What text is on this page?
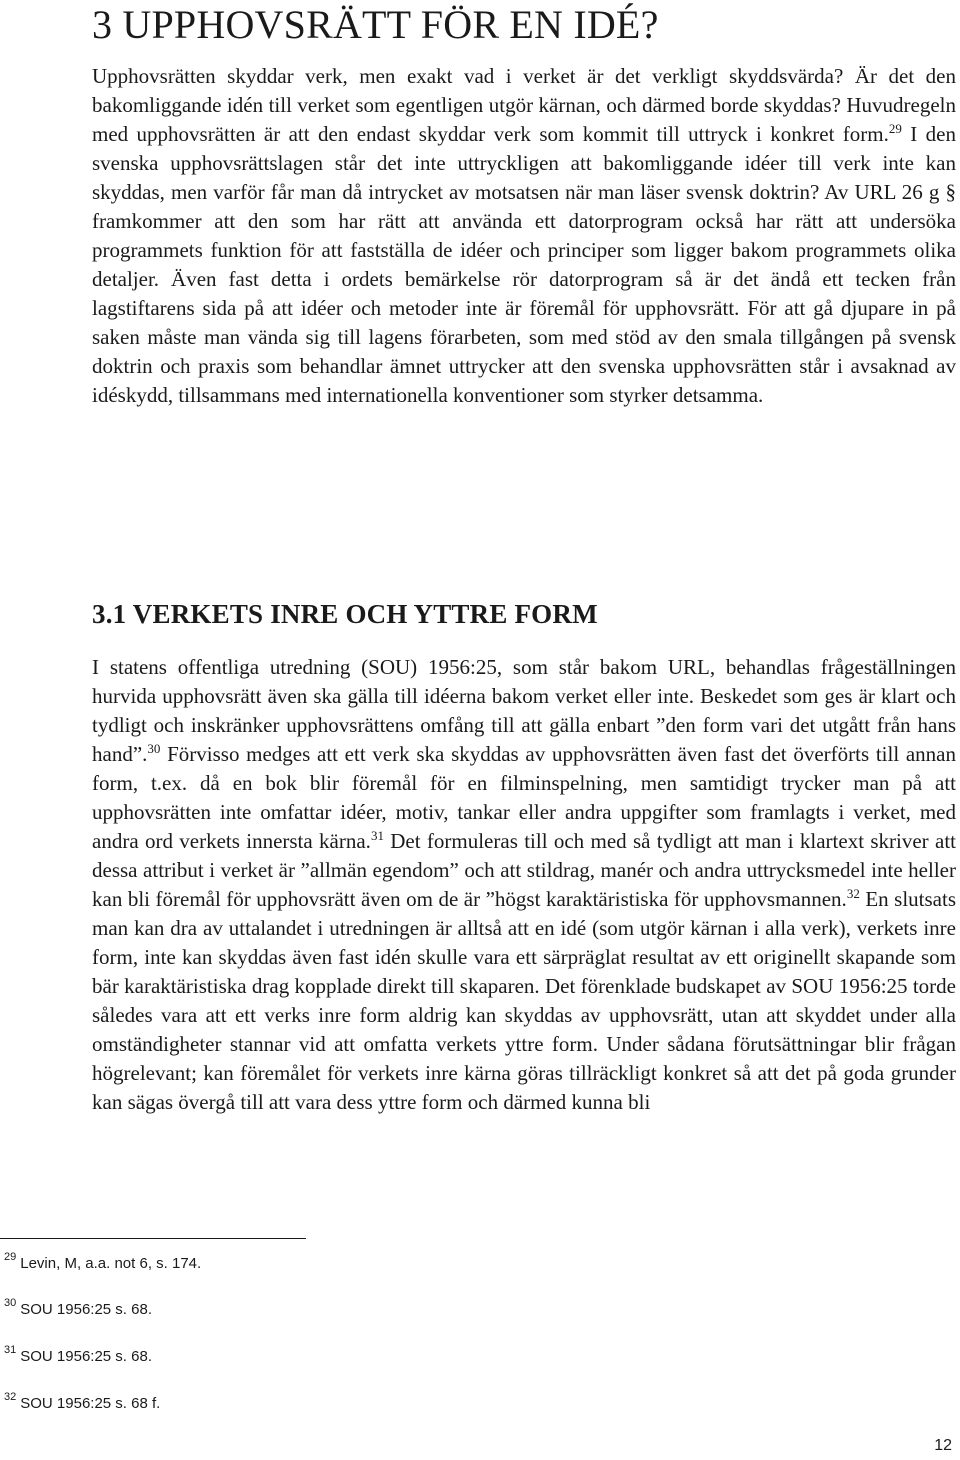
3 UPPHOVSRÄTT FÖR EN IDÉ?

Upphovsrätten skyddar verk, men exakt vad i verket är det verkligt skyddsvärda? Är det den bakomliggande idén till verket som egentligen utgör kärnan, och därmed borde skyddas? Huvudregeln med upphovsrätten är att den endast skyddar verk som kommit till uttryck i konkret form.$^{29}$ I den svenska upphovsrättslagen står det inte uttryckligen att bakomliggande idéer till verk inte kan skyddas, men varför får man då intrycket av motsatsen när man läser svensk doktrin? Av URL 26 g § framkommer att den som har rätt att använda ett datorprogram också har rätt att undersöka programmets funktion för att fastställa de idéer och principer som ligger bakom programmets olika detaljer. Även fast detta i ordets bemärkelse rör datorprogram så är det ändå ett tecken från lagstiftarens sida på att idéer och metoder inte är föremål för upphovsrätt. För att gå djupare in på saken måste man vända sig till lagens förarbeten, som med stöd av den smala tillgången på svensk doktrin och praxis som behandlar ämnet uttrycker att den svenska upphovsrätten står i avsaknad av idéskydd, tillsammans med internationella konventioner som styrker detsamma.

3.1 VERKETS INRE OCH YTTRE FORM

I statens offentliga utredning (SOU) 1956:25, som står bakom URL, behandlas frågeställningen hurvida upphovsrätt även ska gälla till idéerna bakom verket eller inte. Beskedet som ges är klart och tydligt och inskränker upphovsrättens omfång till att gälla enbart ”den form vari det utgått från hans hand”.$^{30}$ Förvisso medges att ett verk ska skyddas av upphovsrätten även fast det överförts till annan form, t.ex. då en bok blir föremål för en filminspelning, men samtidigt trycker man på att upphovsrätten inte omfattar idéer, motiv, tankar eller andra uppgifter som framlagts i verket, med andra ord verkets innersta kärna.$^{31}$ Det formuleras till och med så tydligt att man i klartext skriver att dessa attribut i verket är ”allmän egendom” och att stildrag, manér och andra uttrycksmedel inte heller kan bli föremål för upphovsrätt även om de är ”högst karaktäristiska för upphovsmannen.$^{32}$ En slutsats man kan dra av uttalandet i utredningen är alltså att en idé (som utgör kärnan i alla verk), verkets inre form, inte kan skyddas även fast idén skulle vara ett särpräglat resultat av ett originellt skapande som bär karaktäristiska drag kopplade direkt till skaparen. Det förenklade budskapet av SOU 1956:25 torde således vara att ett verks inre form aldrig kan skyddas av upphovsrätt, utan att skyddet under alla omständigheter stannar vid att omfatta verkets yttre form. Under sådana förutsättningar blir frågan högrelevant; kan föremålet för verkets inre kärna göras tillräckligt konkret så att det på goda grunder kan sägas övergå till att vara dess yttre form och därmed kunna bli

$^{29}$ Levin, M, a.a. not 6, s. 174.

$^{30}$ SOU 1956:25 s. 68.

$^{31}$ SOU 1956:25 s. 68.

$^{32}$ SOU 1956:25 s. 68 f.

12
